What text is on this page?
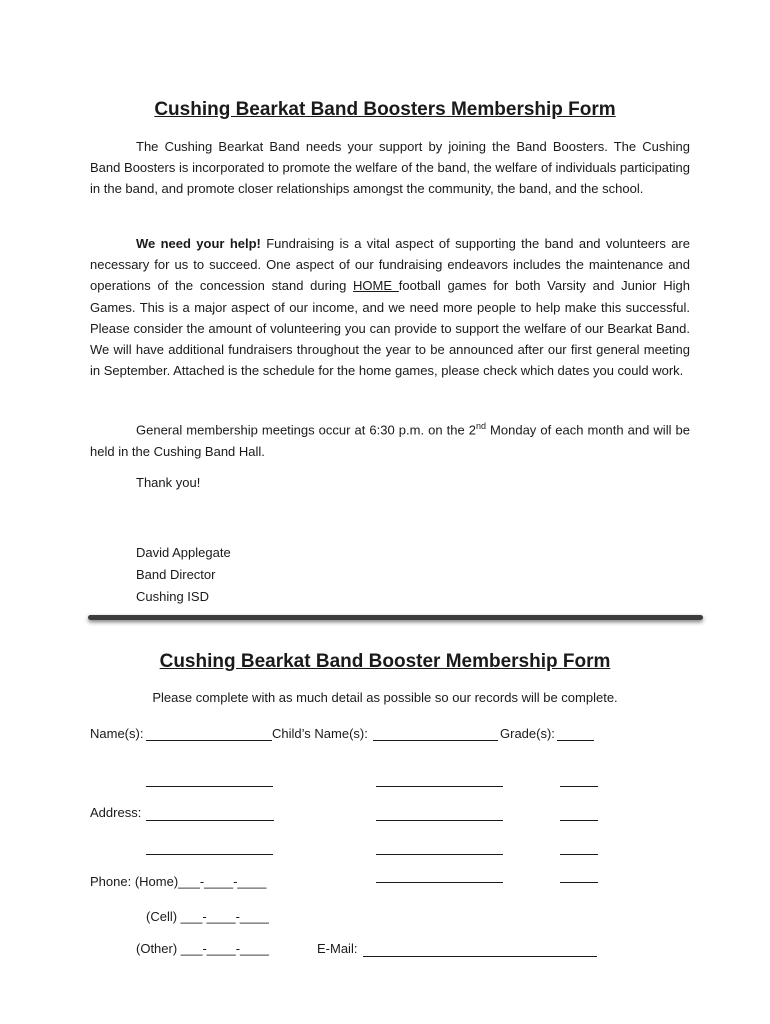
Cushing Bearkat Band Boosters Membership Form

The Cushing Bearkat Band needs your support by joining the Band Boosters. The Cushing Band Boosters is incorporated to promote the welfare of the band, the welfare of individuals participating in the band, and promote closer relationships amongst the community, the band, and the school.

We need your help! Fundraising is a vital aspect of supporting the band and volunteers are necessary for us to succeed. One aspect of our fundraising endeavors includes the maintenance and operations of the concession stand during HOME football games for both Varsity and Junior High Games. This is a major aspect of our income, and we need more people to help make this successful. Please consider the amount of volunteering you can provide to support the welfare of our Bearkat Band. We will have additional fundraisers throughout the year to be announced after our first general meeting in September. Attached is the schedule for the home games, please check which dates you could work.

General membership meetings occur at 6:30 p.m. on the 2nd Monday of each month and will be held in the Cushing Band Hall.

Thank you!
David Applegate
Band Director
Cushing ISD
Cushing Bearkat Band Booster Membership Form
Please complete with as much detail as possible so our records will be complete.
Name(s):	Child’s Name(s):	Grade(s):
Address:
Phone: (Home)___-____-____
(Cell) ___-____-____
(Other) ___-____-____	E-Mail:
